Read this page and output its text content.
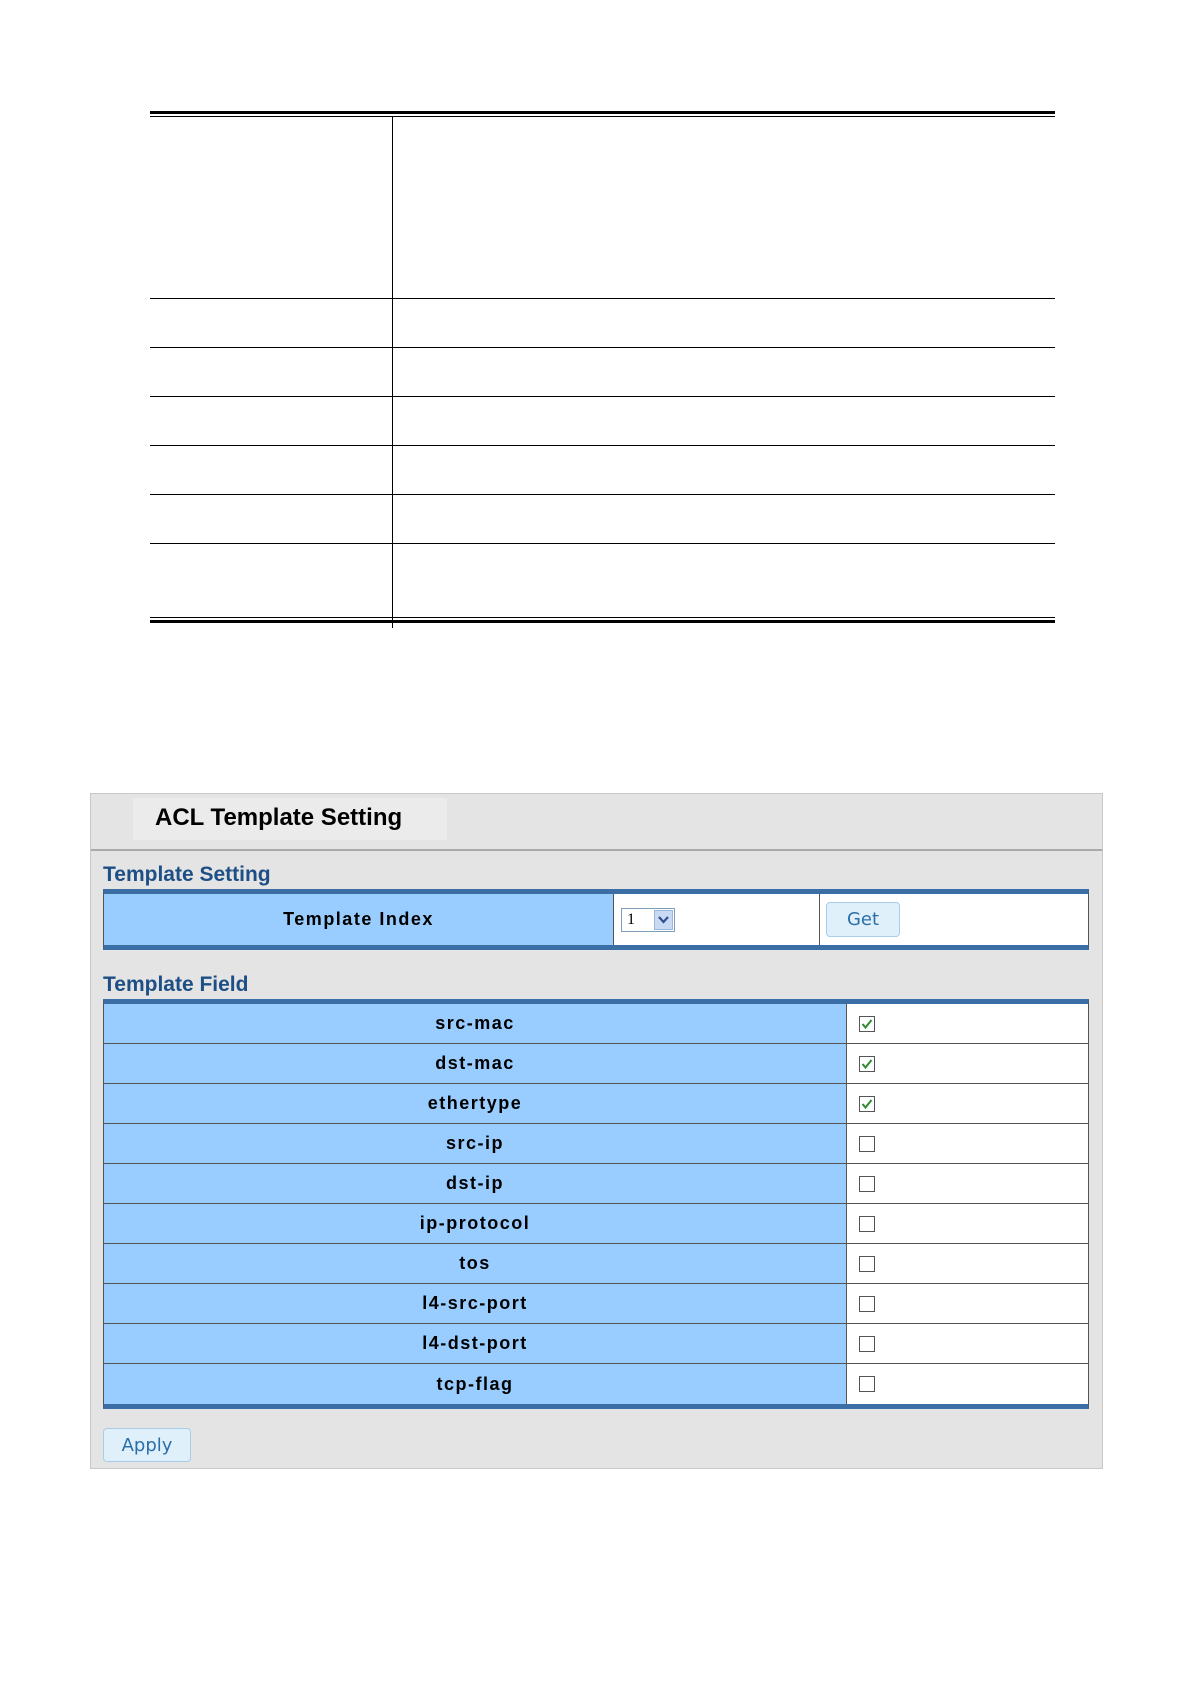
ACL Template Setting
Template Setting
Template Index	1	Get
Template Field
src-mac
dst-mac
ethertype
src-ip
dst-ip
ip-protocol
tos
l4-src-port
l4-dst-port
tcp-flag
Apply
